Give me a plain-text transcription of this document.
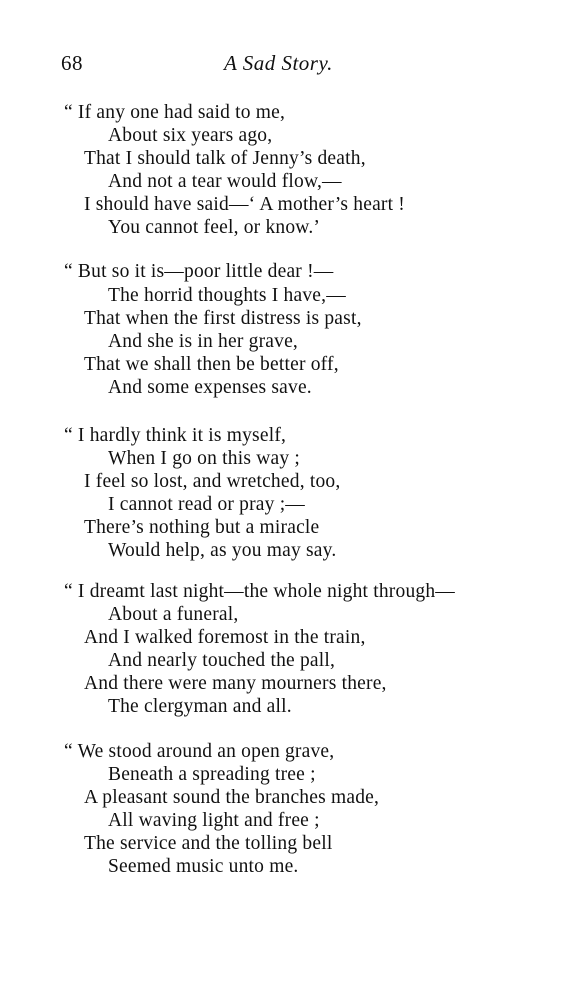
68	A Sad Story.
“ If any one had said to me,
About six years ago,
That I should talk of Jenny’s death,
And not a tear would flow,—
I should have said—‘ A mother’s heart !
You cannot feel, or know.’
“ But so it is—poor little dear !—
The horrid thoughts I have,—
That when the first distress is past,
And she is in her grave,
That we shall then be better off,
And some expenses save.
“ I hardly think it is myself,
When I go on this way ;
I feel so lost, and wretched, too,
I cannot read or pray ;—
There’s nothing but a miracle
Would help, as you may say.
“ I dreamt last night—the whole night through—
About a funeral,
And I walked foremost in the train,
And nearly touched the pall,
And there were many mourners there,
The clergyman and all.
“ We stood around an open grave,
Beneath a spreading tree ;
A pleasant sound the branches made,
All waving light and free ;
The service and the tolling bell
Seemed music unto me.
